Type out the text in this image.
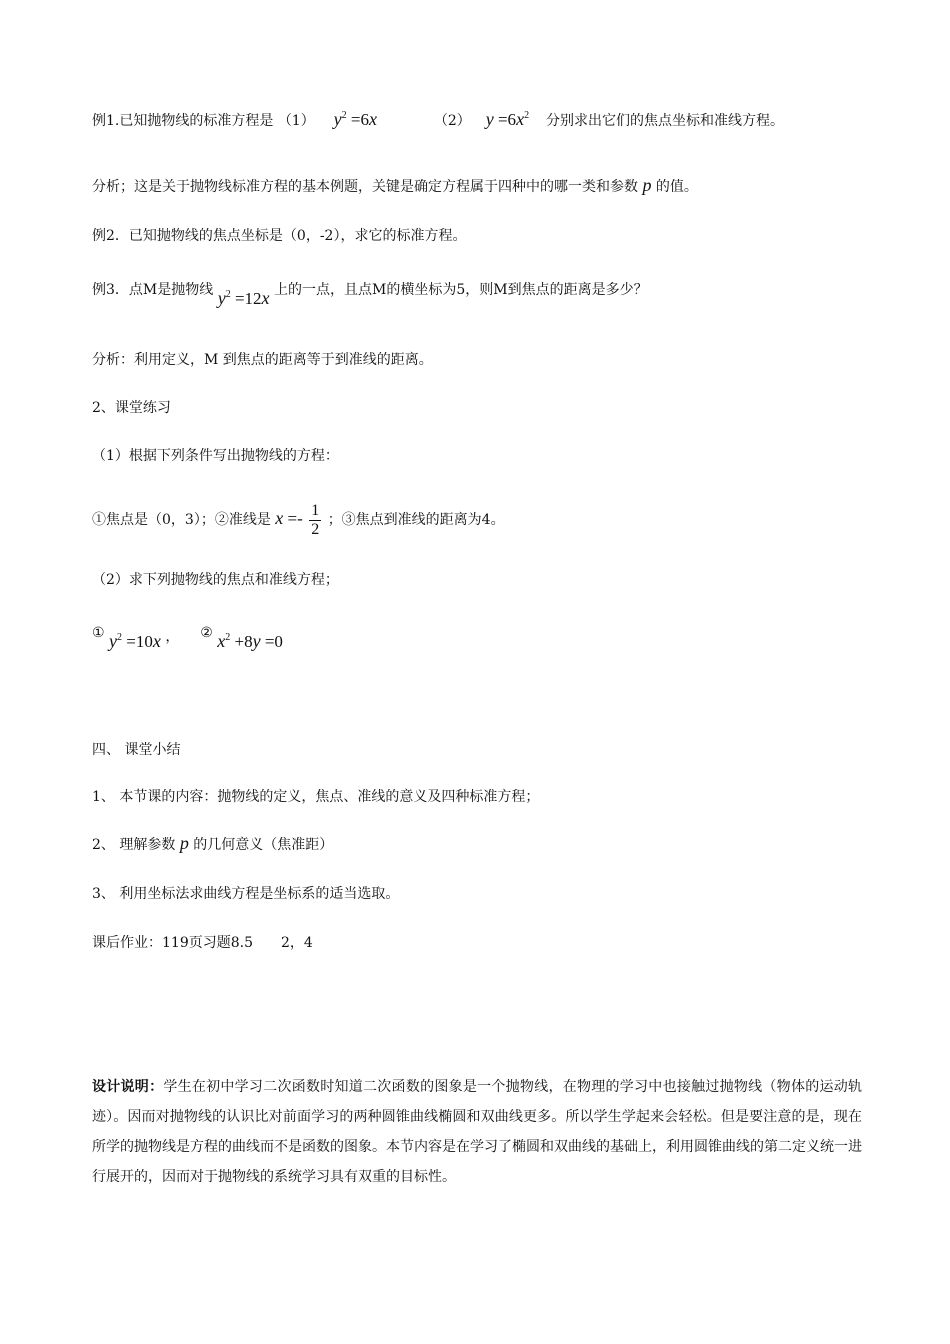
例1.已知抛物线的标准方程是 （1） $y^2 =6x$	（2） $y =6x^2$ 分别求出它们的焦点坐标和准线方程。
分析；这是关于抛物线标准方程的基本例题，关键是确定方程属于四种中的哪一类和参数 p 的值。
例2．已知抛物线的焦点坐标是（0，-2），求它的标准方程。
例3．点M是抛物线 $y^2 =12x$ 上的一点，且点M的横坐标为5，则M到焦点的距离是多少？
分析：利用定义，M 到焦点的距离等于到准线的距离。
2、课堂练习
（1）根据下列条件写出抛物线的方程：
①焦点是（0，3）；②准线是 $x =- \frac{1}{2}$ ；③焦点到准线的距离为4。
（2）求下列抛物线的焦点和准线方程；
① $y^2 =10x$ ， ② $x^2 +8y =0$
四、 课堂小结
1、 本节课的内容：抛物线的定义，焦点、准线的意义及四种标准方程；
2、 理解参数 p 的几何意义（焦准距）
3、 利用坐标法求曲线方程是坐标系的适当选取。
课后作业：119页习题8.5　　2，4
设计说明：学生在初中学习二次函数时知道二次函数的图象是一个抛物线，在物理的学习中也接触过抛物线（物体的运动轨迹）。因而对抛物线的认识比对前面学习的两种圆锥曲线椭圆和双曲线更多。所以学生学起来会轻松。但是要注意的是，现在所学的抛物线是方程的曲线而不是函数的图象。本节内容是在学习了椭圆和双曲线的基础上，利用圆锥曲线的第二定义统一进行展开的，因而对于抛物线的系统学习具有双重的目标性。
